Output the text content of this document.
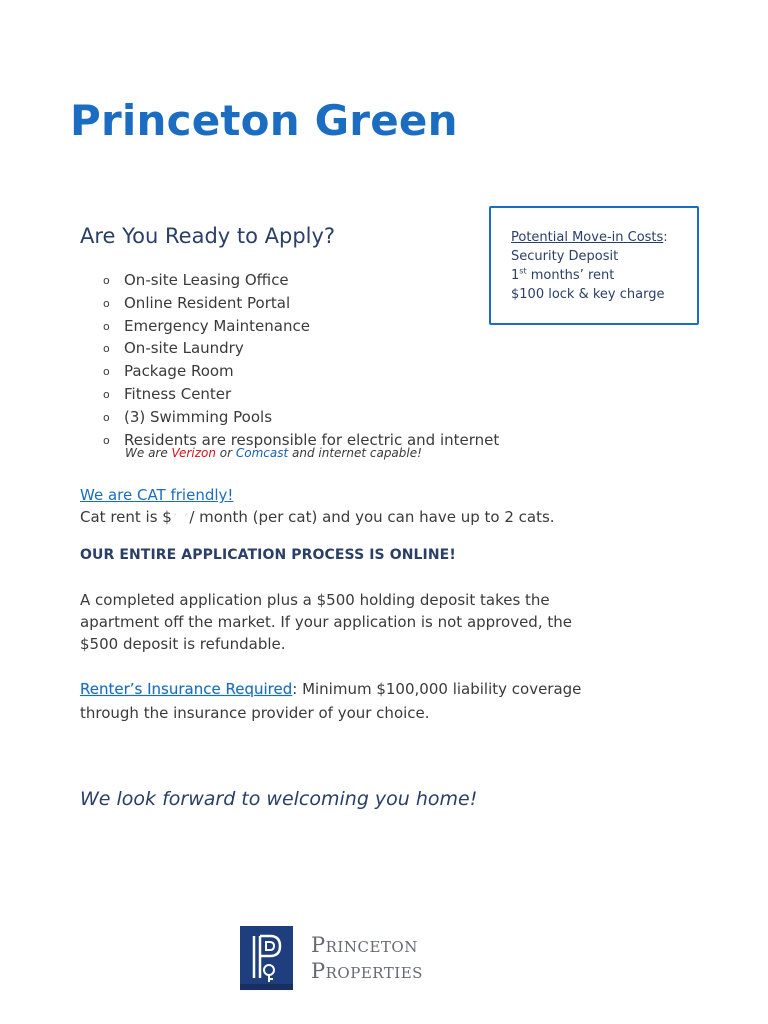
Princeton Green
Are You Ready to Apply?	Potential Move-in Costs:
Security Deposit
1st months’ rent
$100 lock & key charge
o On-site Leasing Office
o Online Resident Portal
o Emergency Maintenance
o On-site Laundry
o Package Room
o Fitness Center
o (3) Swimming Pools
o Residents are responsible for electric and internet
We are Verizon or Comcast and internet capable!
We are CAT friendly!
Cat rent is $´ ´/ month (per cat) and you can have up to 2 cats.
OUR ENTIRE APPLICATION PROCESS IS ONLINE!

A completed application plus a $500 holding deposit takes the apartment off the market. If your application is not approved, the $500 deposit is refundable.

Renter’s Insurance Required: Minimum $100,000 liability coverage through the insurance provider of your choice.

We look forward to welcoming you home!

Princeton
Properties
